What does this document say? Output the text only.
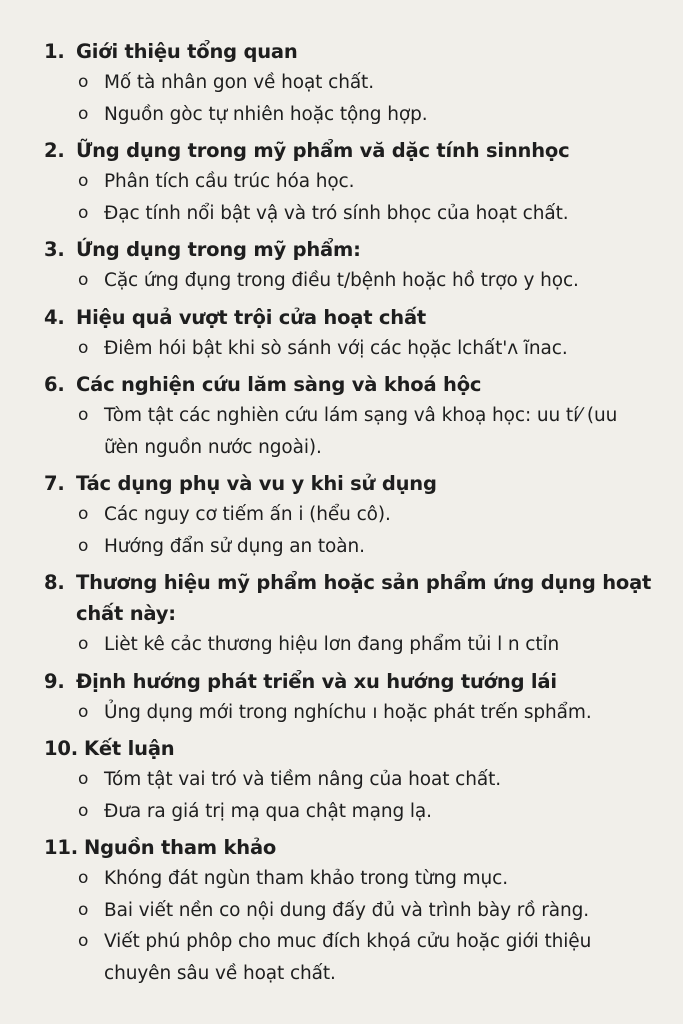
1. Giới thiệu tổng quan
o Mố tà nhân gon về hoạt chất.
o Nguồn gòc tự nhiên hoặc tộng hợp.
2. Ững dụng trong mỹ phẩm vă dặc tính sinnhọc
o Phân tích cầu trúc hóa học.
o Đạc tính nổi bật vậ và tró sính bhọc của hoạt chất.
3. Ứng dụng trong mỹ phẩm:
o Cặc ứng đụng trong điều t/bệnh hoặc hồ trợo y học.
4. Hiệu quả vượt trội cửa hoạt chất
o Điêm hói bật khi sò sánh vớị các họặc lchất'ʌ ĩnac.
6. Các nghiện cứu lăm sàng và khoá hộc
o Tòm tật các nghièn cứu lám sạng vâ khoạ học: uu tí⁄ (uu ữèn nguồn nước ngoài).
7. Tác dụng phụ và vu y khi sử dụng
o Các nguy cơ tiếm ấn i (hểu cô).
o Hướng đẩn sử dụng an toàn.
8. Thương hiệu mỹ phẩm hoặc sản phẩm ứng dụng hoạt chất này:
o Lièt kê cảc thương hiệu lơn đang phẩm tủi l n ctỉn
9. Định hướng phát triển và xu hướng tướng lái
o Ủng dụng mới trong nghíchu ı hoặc phát trến sphẩm.
10. Kết luận
o Tóm tật vai tró và tiềm nâng của hoat chất.
o Đưa ra giá trị mạ qua chật mạng lạ.
11. Nguồn tham khảo
o Khóng đát ngùn tham khảo trong từng mục.
o Bai viết nền co nội dung đấy đủ và trình bày rồ ràng.
o Viết phú phôp cho muc đích khọá cửu hoặc giới thiệu chuyên sâu về hoạt chất.
